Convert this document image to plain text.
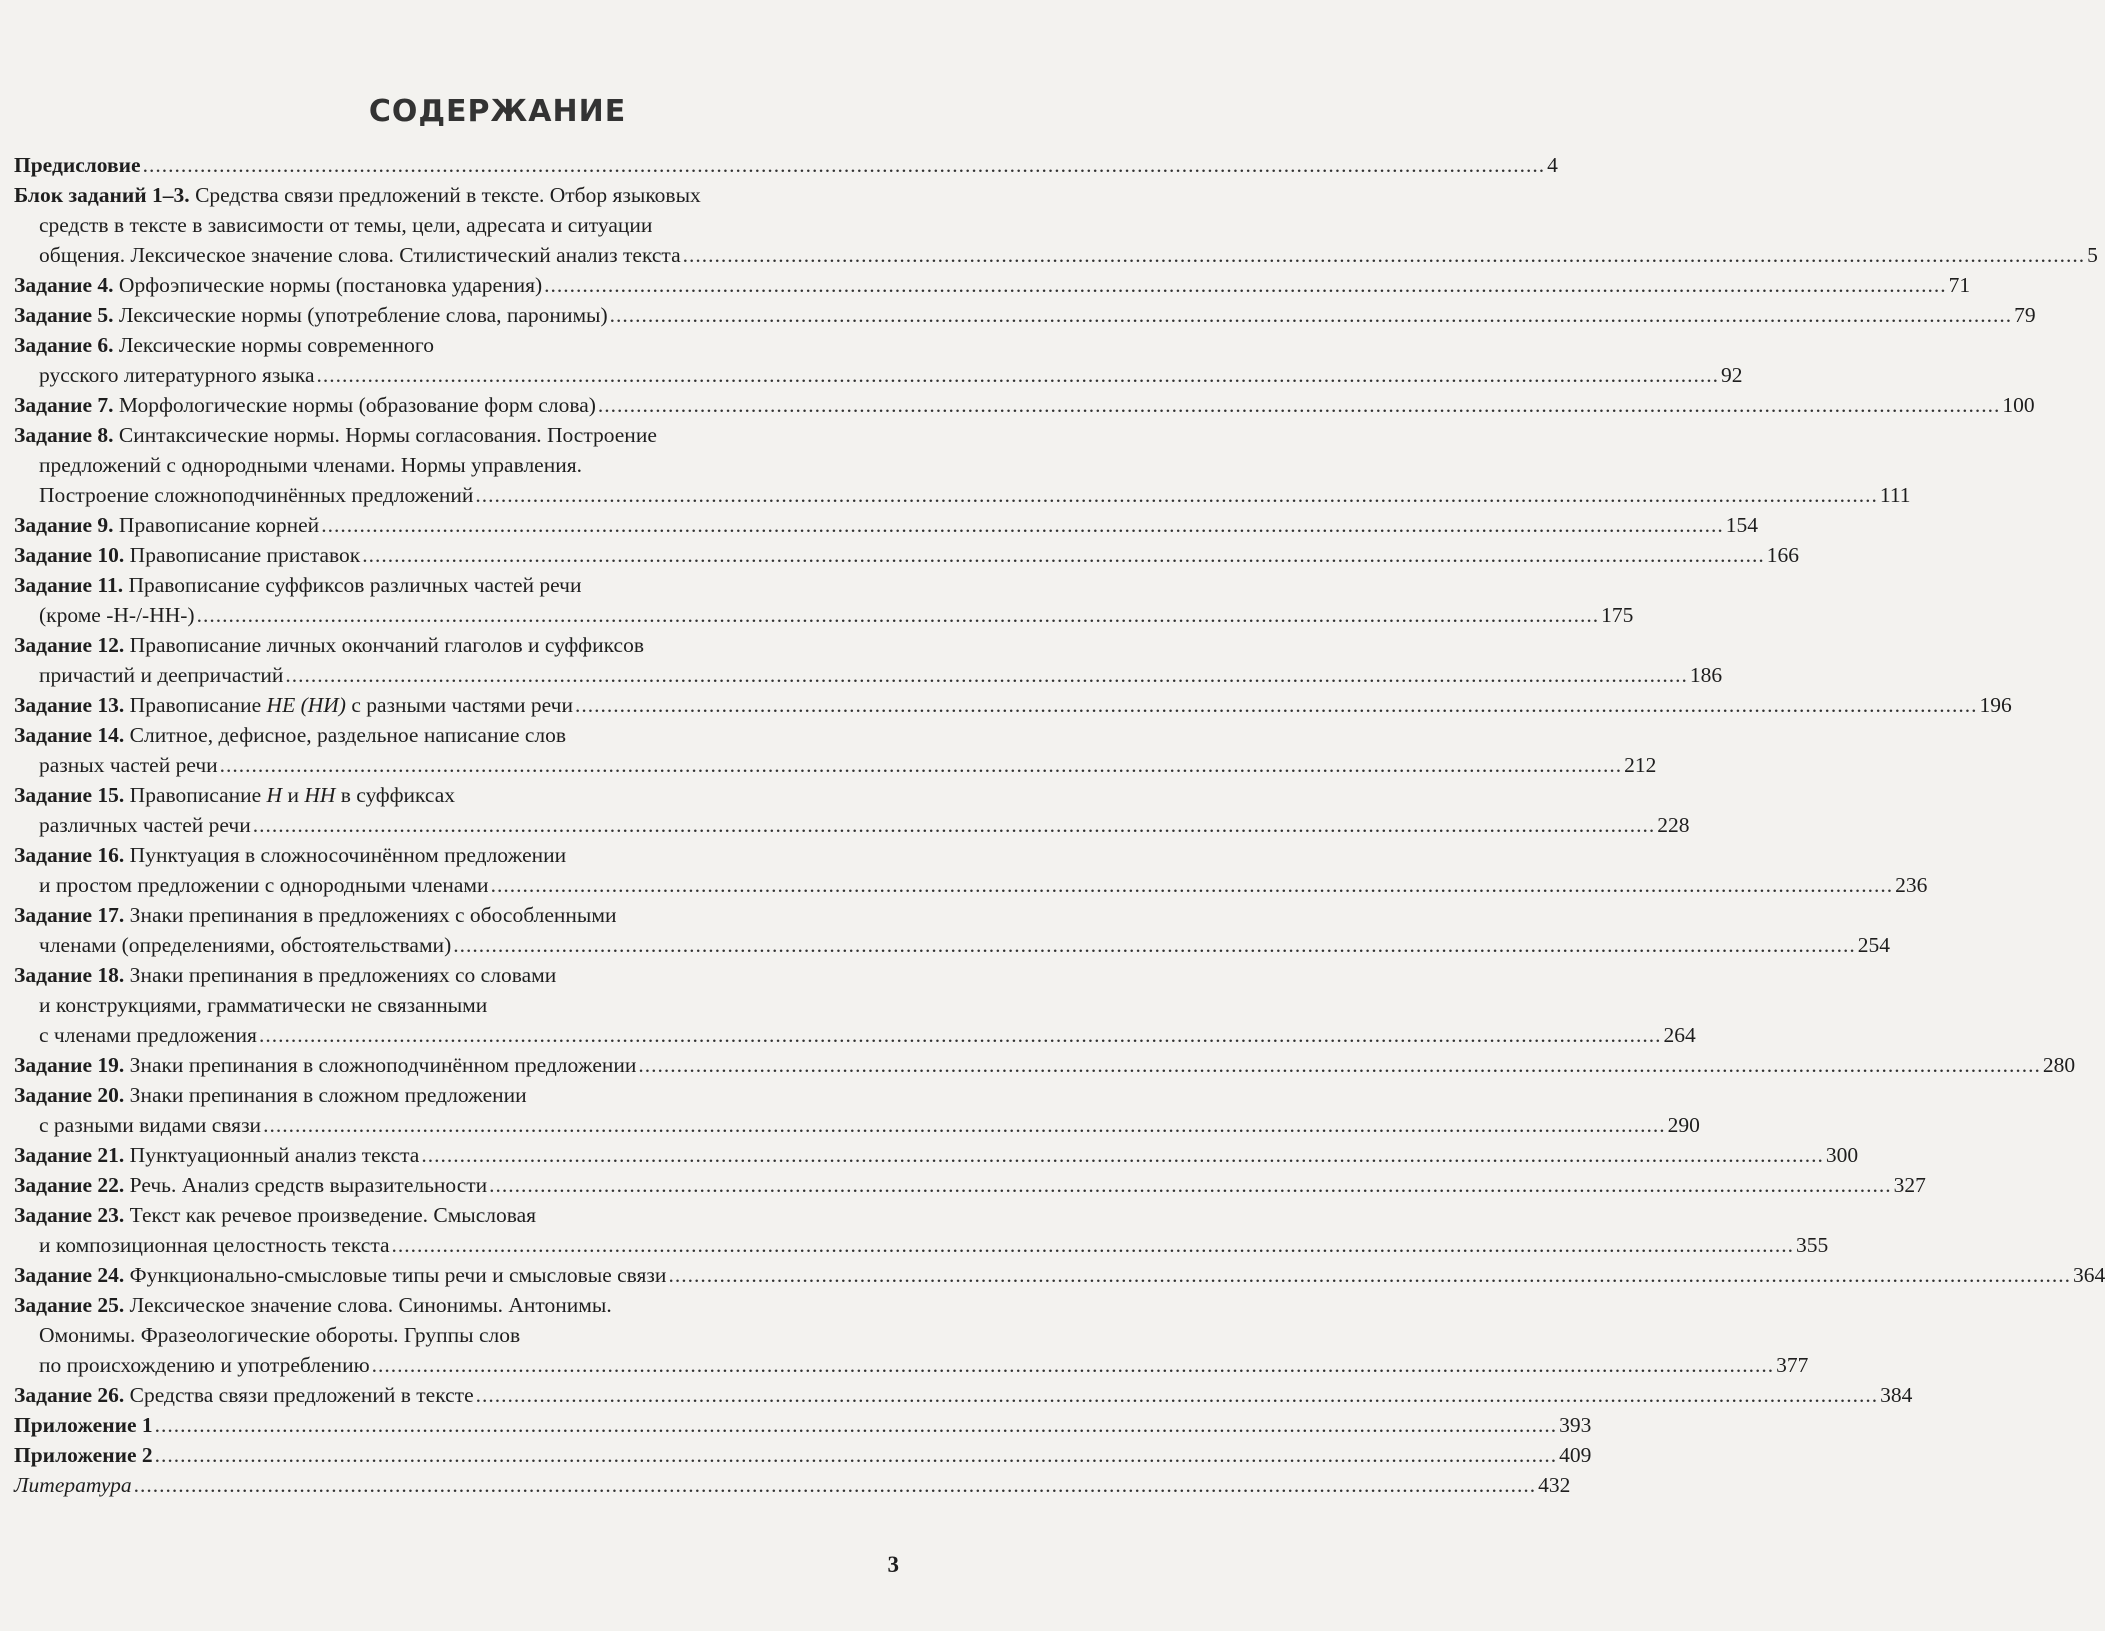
СОДЕРЖАНИЕ
Предисловие ............................................................................................................................................................................................................................ 4
Блок заданий 1–3. Средства связи предложений в тексте. Отбор языковых
средств в тексте в зависимости от темы, цели, адресата и ситуации
общения. Лексическое значение слова. Стилистический анализ текста ............................................................................................................................................................................................................................ 5
Задание 4. Орфоэпические нормы (постановка ударения) ............................................................................................................................................................................................................................ 71
Задание 5. Лексические нормы (употребление слова, паронимы) ............................................................................................................................................................................................................................ 79
Задание 6. Лексические нормы современного
русского литературного языка ............................................................................................................................................................................................................................ 92
Задание 7. Морфологические нормы (образование форм слова) ............................................................................................................................................................................................................................ 100
Задание 8. Синтаксические нормы. Нормы согласования. Построение
предложений с однородными членами. Нормы управления.
Построение сложноподчинённых предложений ............................................................................................................................................................................................................................ 111
Задание 9. Правописание корней ............................................................................................................................................................................................................................ 154
Задание 10. Правописание приставок ............................................................................................................................................................................................................................ 166
Задание 11. Правописание суффиксов различных частей речи
(кроме -Н-/-НН-) ............................................................................................................................................................................................................................ 175
Задание 12. Правописание личных окончаний глаголов и суффиксов
причастий и деепричастий ............................................................................................................................................................................................................................ 186
Задание 13. Правописание НЕ (НИ) с разными частями речи ............................................................................................................................................................................................................................ 196
Задание 14. Слитное, дефисное, раздельное написание слов
разных частей речи ............................................................................................................................................................................................................................ 212
Задание 15. Правописание Н и НН в суффиксах
различных частей речи ............................................................................................................................................................................................................................ 228
Задание 16. Пунктуация в сложносочинённом предложении
и простом предложении с однородными членами ............................................................................................................................................................................................................................ 236
Задание 17. Знаки препинания в предложениях с обособленными
членами (определениями, обстоятельствами) ............................................................................................................................................................................................................................ 254
Задание 18. Знаки препинания в предложениях со словами
и конструкциями, грамматически не связанными
с членами предложения ............................................................................................................................................................................................................................ 264
Задание 19. Знаки препинания в сложноподчинённом предложении ............................................................................................................................................................................................................................ 280
Задание 20. Знаки препинания в сложном предложении
с разными видами связи ............................................................................................................................................................................................................................ 290
Задание 21. Пунктуационный анализ текста ............................................................................................................................................................................................................................ 300
Задание 22. Речь. Анализ средств выразительности ............................................................................................................................................................................................................................ 327
Задание 23. Текст как речевое произведение. Смысловая
и композиционная целостность текста ............................................................................................................................................................................................................................ 355
Задание 24. Функционально-смысловые типы речи и смысловые связи ............................................................................................................................................................................................................................ 364
Задание 25. Лексическое значение слова. Синонимы. Антонимы.
Омонимы. Фразеологические обороты. Группы слов
по происхождению и употреблению ............................................................................................................................................................................................................................ 377
Задание 26. Средства связи предложений в тексте ............................................................................................................................................................................................................................ 384
Приложение 1 ............................................................................................................................................................................................................................ 393
Приложение 2 ............................................................................................................................................................................................................................ 409
Литература ............................................................................................................................................................................................................................ 432
3
